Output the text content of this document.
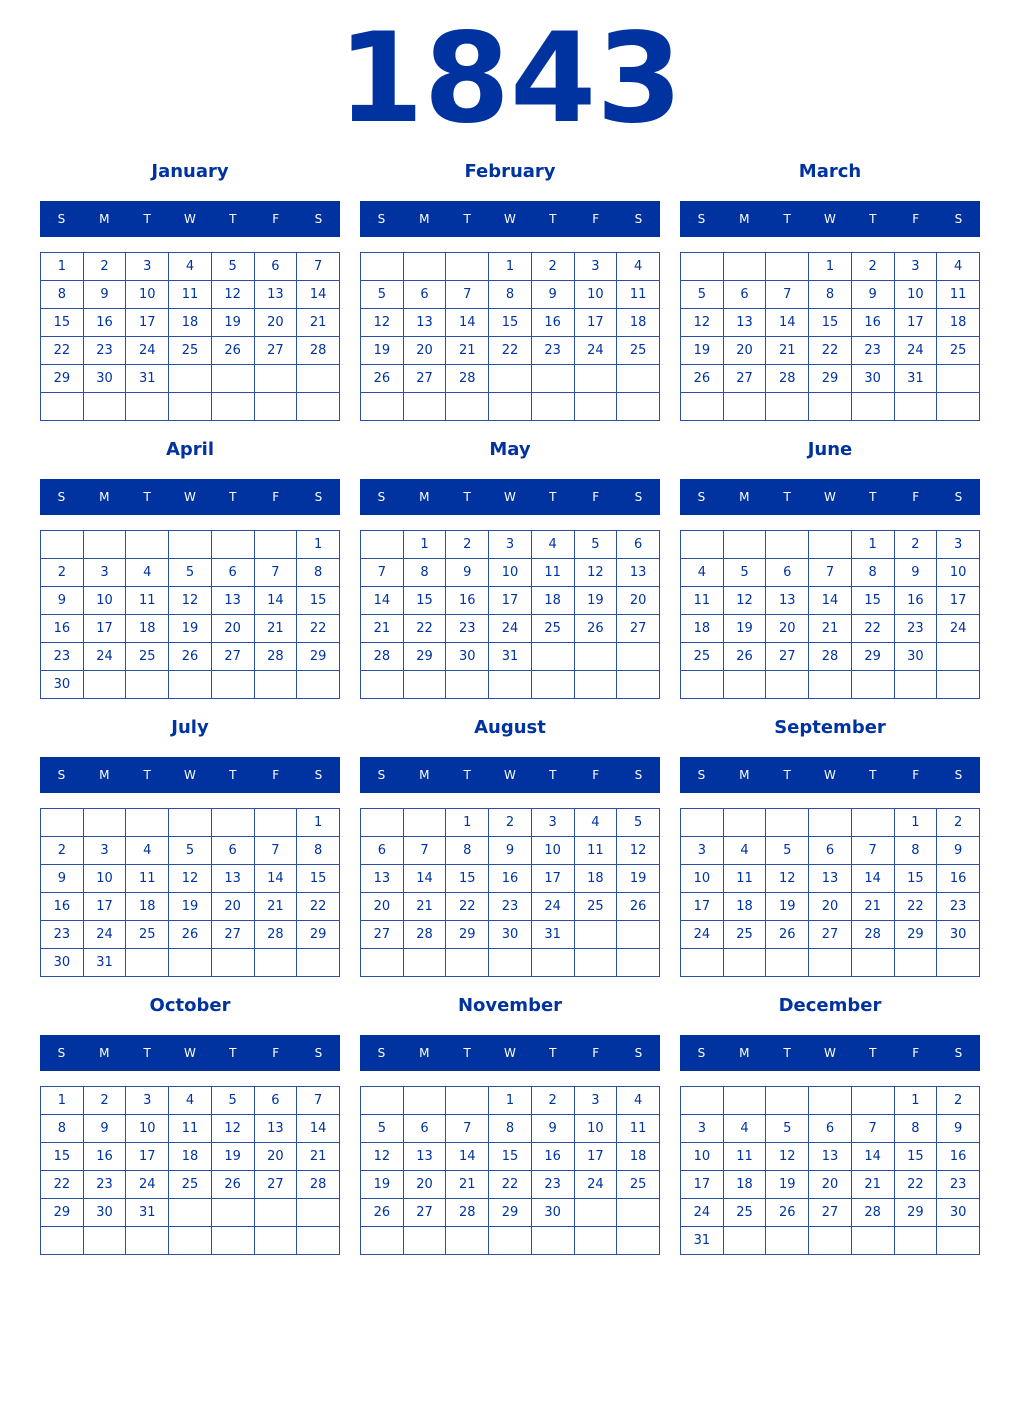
1843
January
S	M	T	W	T	F	S
1	2	3	4	5	6	7
8	9	10	11	12	13	14
15	16	17	18	19	20	21
22	23	24	25	26	27	28
29	30	31				

February
S	M	T	W	T	F	S
			1	2	3	4
5	6	7	8	9	10	11
12	13	14	15	16	17	18
19	20	21	22	23	24	25
26	27	28				

March
S	M	T	W	T	F	S
			1	2	3	4
5	6	7	8	9	10	11
12	13	14	15	16	17	18
19	20	21	22	23	24	25
26	27	28	29	30	31	

April
S	M	T	W	T	F	S
						1
2	3	4	5	6	7	8
9	10	11	12	13	14	15
16	17	18	19	20	21	22
23	24	25	26	27	28	29
30						
May
S	M	T	W	T	F	S
	1	2	3	4	5	6
7	8	9	10	11	12	13
14	15	16	17	18	19	20
21	22	23	24	25	26	27
28	29	30	31			

June
S	M	T	W	T	F	S
				1	2	3
4	5	6	7	8	9	10
11	12	13	14	15	16	17
18	19	20	21	22	23	24
25	26	27	28	29	30	

July
S	M	T	W	T	F	S
						1
2	3	4	5	6	7	8
9	10	11	12	13	14	15
16	17	18	19	20	21	22
23	24	25	26	27	28	29
30	31					
August
S	M	T	W	T	F	S
		1	2	3	4	5
6	7	8	9	10	11	12
13	14	15	16	17	18	19
20	21	22	23	24	25	26
27	28	29	30	31		

September
S	M	T	W	T	F	S
					1	2
3	4	5	6	7	8	9
10	11	12	13	14	15	16
17	18	19	20	21	22	23
24	25	26	27	28	29	30

October
S	M	T	W	T	F	S
1	2	3	4	5	6	7
8	9	10	11	12	13	14
15	16	17	18	19	20	21
22	23	24	25	26	27	28
29	30	31				

November
S	M	T	W	T	F	S
			1	2	3	4
5	6	7	8	9	10	11
12	13	14	15	16	17	18
19	20	21	22	23	24	25
26	27	28	29	30		

December
S	M	T	W	T	F	S
					1	2
3	4	5	6	7	8	9
10	11	12	13	14	15	16
17	18	19	20	21	22	23
24	25	26	27	28	29	30
31						
